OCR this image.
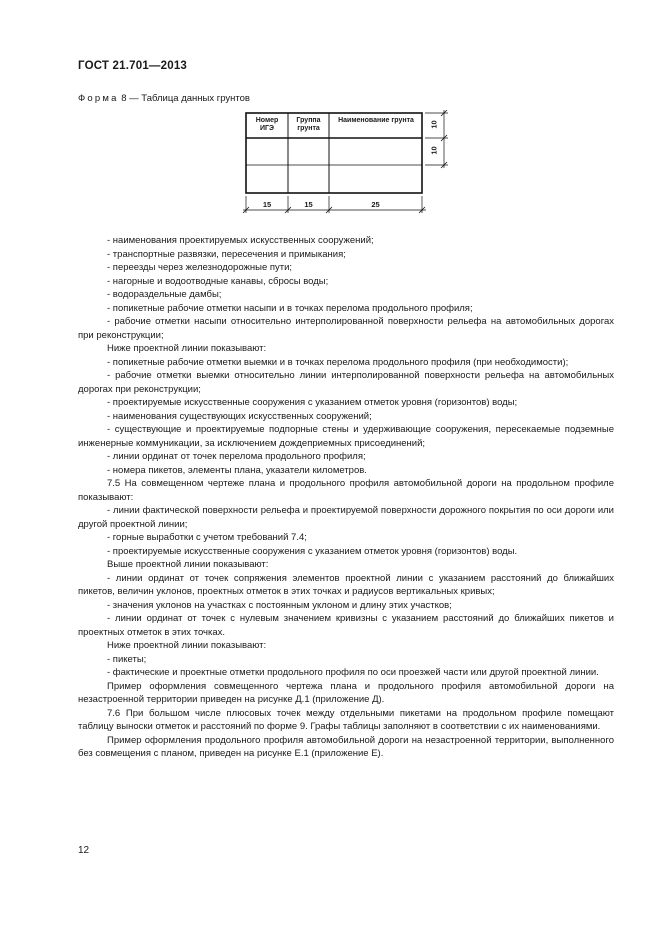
ГОСТ 21.701—2013
Форма 8 — Таблица данных грунтов
Номер ИГЭ
Группа грунта
Наименование грунта
15	15	25
10
10

- наименования проектируемых искусственных сооружений;

- транспортные развязки, пересечения и примыкания;

- переезды через железнодорожные пути;

- нагорные и водоотводные канавы, сбросы воды;

- водораздельные дамбы;

- попикетные рабочие отметки насыпи и в точках перелома продольного профиля;

- рабочие отметки насыпи относительно интерполированной поверхности рельефа на автомобильных дорогах при реконструкции;

Ниже проектной линии показывают:

- попикетные рабочие отметки выемки и в точках перелома продольного профиля (при необходимости);

- рабочие отметки выемки относительно линии интерполированной поверхности рельефа на автомобильных дорогах при реконструкции;

- проектируемые искусственные сооружения с указанием отметок уровня (горизонтов) воды;

- наименования существующих искусственных сооружений;

- существующие и проектируемые подпорные стены и удерживающие сооружения, пересекаемые подземные инженерные коммуникации, за исключением дождеприемных присоединений;

- линии ординат от точек перелома продольного профиля;

- номера пикетов, элементы плана, указатели километров.

7.5 На совмещенном чертеже плана и продольного профиля автомобильной дороги на продольном профиле показывают:

- линии фактической поверхности рельефа и проектируемой поверхности дорожного покрытия по оси дороги или другой проектной линии;

- горные выработки с учетом требований 7.4;

- проектируемые искусственные сооружения с указанием отметок уровня (горизонтов) воды.

Выше проектной линии показывают:

- линии ординат от точек сопряжения элементов проектной линии с указанием расстояний до ближайших пикетов, величин уклонов, проектных отметок в этих точках и радиусов вертикальных кривых;

- значения уклонов на участках с постоянным уклоном и длину этих участков;

- линии ординат от точек с нулевым значением кривизны с указанием расстояний до ближайших пикетов и проектных отметок в этих точках.

Ниже проектной линии показывают:

- пикеты;

- фактические и проектные отметки продольного профиля по оси проезжей части или другой проектной линии.

Пример оформления совмещенного чертежа плана и продольного профиля автомобильной дороги на незастроенной территории приведен на рисунке Д.1 (приложение Д).

7.6 При большом числе плюсовых точек между отдельными пикетами на продольном профиле помещают таблицу выноски отметок и расстояний по форме 9. Графы таблицы заполняют в соответствии с их наименованиями.

Пример оформления продольного профиля автомобильной дороги на незастроенной территории, выполненного без совмещения с планом, приведен на рисунке Е.1 (приложение Е).

12
